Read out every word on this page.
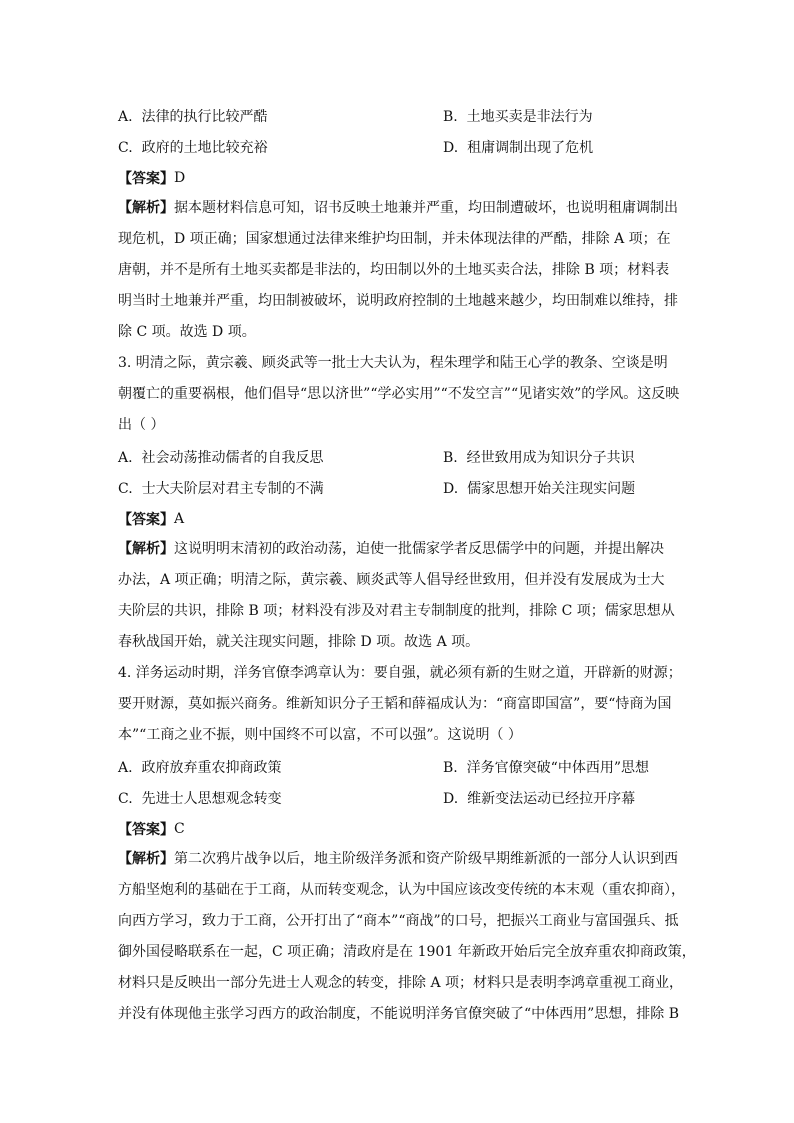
A. 法律的执行比较严酷	B. 土地买卖是非法行为
C. 政府的土地比较充裕	D. 租庸调制出现了危机
【答案】 D
【解析】据本题材料信息可知，诏书反映土地兼并严重，均田制遭破坏，也说明租庸调制出
现危机，D 项正确；国家想通过法律来维护均田制，并未体现法律的严酷，排除 A 项；在
唐朝，并不是所有土地买卖都是非法的，均田制以外的土地买卖合法，排除 B 项；材料表
明当时土地兼并严重，均田制被破坏，说明政府控制的土地越来越少，均田制难以维持，排
除 C 项。故选 D 项。
3. 明清之际，黄宗羲、顾炎武等一批士大夫认为，程朱理学和陆王心学的教条、空谈是明
朝覆亡的重要祸根，他们倡导“思以济世”“学必实用”“不发空言”“见诸实效”的学风。这反映
出（ ）
A. 社会动荡推动儒者的自我反思	B. 经世致用成为知识分子共识
C. 士大夫阶层对君主专制的不满	D. 儒家思想开始关注现实问题
【答案】 A
【解析】这说明明末清初的政治动荡，迫使一批儒家学者反思儒学中的问题，并提出解决
办法，A 项正确；明清之际，黄宗羲、顾炎武等人倡导经世致用，但并没有发展成为士大
夫阶层的共识，排除 B 项；材料没有涉及对君主专制制度的批判，排除 C 项；儒家思想从
春秋战国开始，就关注现实问题，排除 D 项。故选 A 项。
4. 洋务运动时期，洋务官僚李鸿章认为：要自强，就必须有新的生财之道，开辟新的财源；
要开财源，莫如振兴商务。维新知识分子王韬和薛福成认为：“商富即国富”，要“恃商为国
本”“工商之业不振，则中国终不可以富，不可以强”。这说明（ ）
A. 政府放弃重农抑商政策	B. 洋务官僚突破“中体西用”思想
C. 先进士人思想观念转变	D. 维新变法运动已经拉开序幕
【答案】 C
【解析】第二次鸦片战争以后，地主阶级洋务派和资产阶级早期维新派的一部分人认识到西
方船坚炮利的基础在于工商，从而转变观念，认为中国应该改变传统的本末观（重农抑商），
向西方学习，致力于工商，公开打出了“商本”“商战”的口号，把振兴工商业与富国强兵、抵
御外国侵略联系在一起，C 项正确；清政府是在 1901 年新政开始后完全放弃重农抑商政策，
材料只是反映出一部分先进士人观念的转变，排除 A 项；材料只是表明李鸿章重视工商业，
并没有体现他主张学习西方的政治制度，不能说明洋务官僚突破了“中体西用”思想，排除 B
